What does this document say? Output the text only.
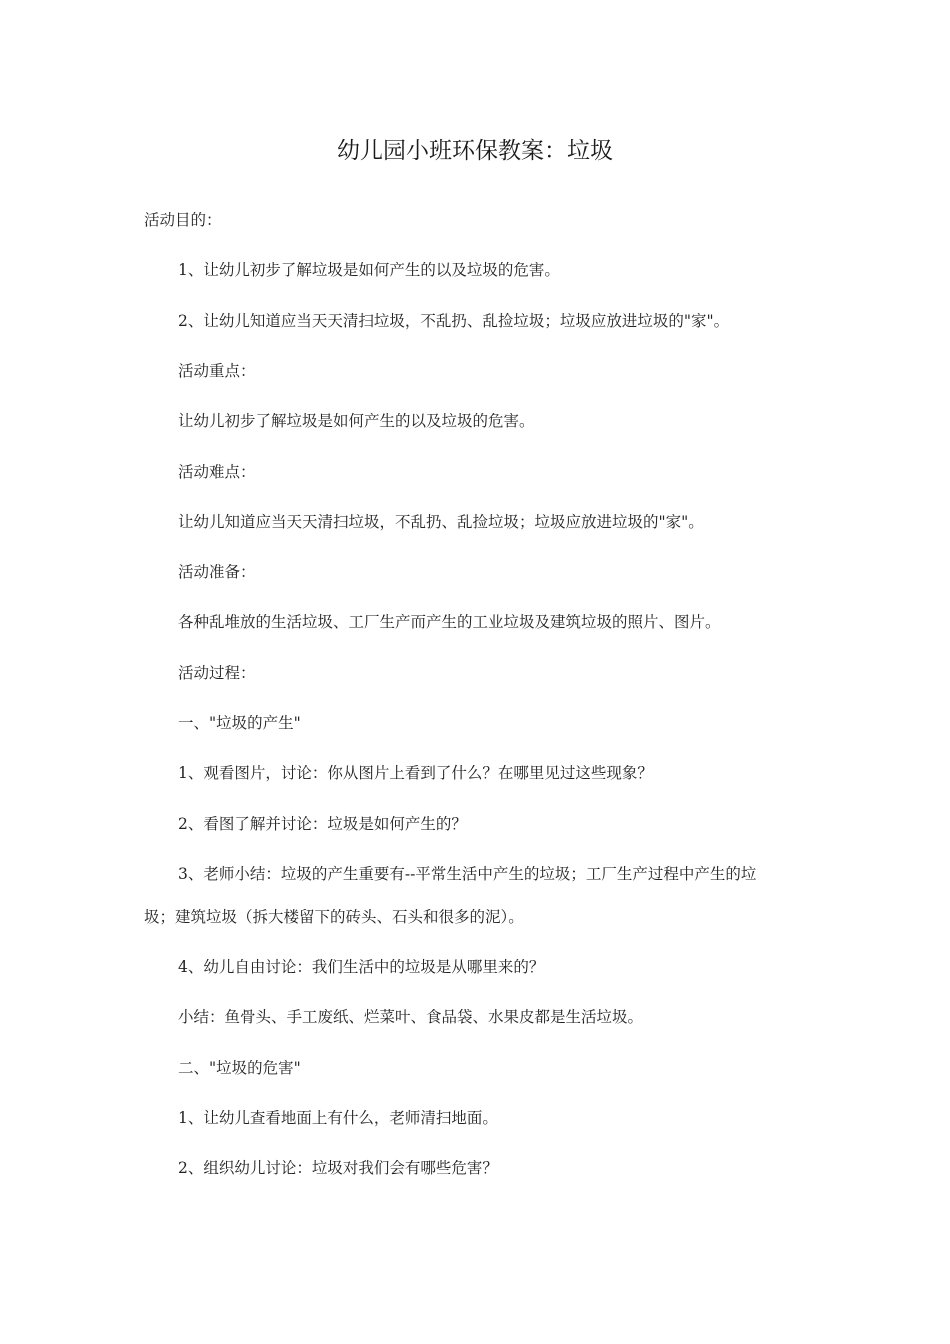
幼儿园小班环保教案：垃圾
活动目的：
1、让幼儿初步了解垃圾是如何产生的以及垃圾的危害。
2、让幼儿知道应当天天清扫垃圾，不乱扔、乱捡垃圾；垃圾应放进垃圾的"家"。
活动重点：
让幼儿初步了解垃圾是如何产生的以及垃圾的危害。
活动难点：
让幼儿知道应当天天清扫垃圾，不乱扔、乱捡垃圾；垃圾应放进垃圾的"家"。
活动准备：
各种乱堆放的生活垃圾、工厂生产而产生的工业垃圾及建筑垃圾的照片、图片。
活动过程：
一、"垃圾的产生"
1、观看图片，讨论：你从图片上看到了什么？在哪里见过这些现象？
2、看图了解并讨论：垃圾是如何产生的？
3、老师小结：垃圾的产生重要有--平常生活中产生的垃圾；工厂生产过程中产生的垃
圾；建筑垃圾（拆大楼留下的砖头、石头和很多的泥）。
4、幼儿自由讨论：我们生活中的垃圾是从哪里来的？
小结：鱼骨头、手工废纸、烂菜叶、食品袋、水果皮都是生活垃圾。
二、"垃圾的危害"
1、让幼儿查看地面上有什么，老师清扫地面。
2、组织幼儿讨论：垃圾对我们会有哪些危害？
